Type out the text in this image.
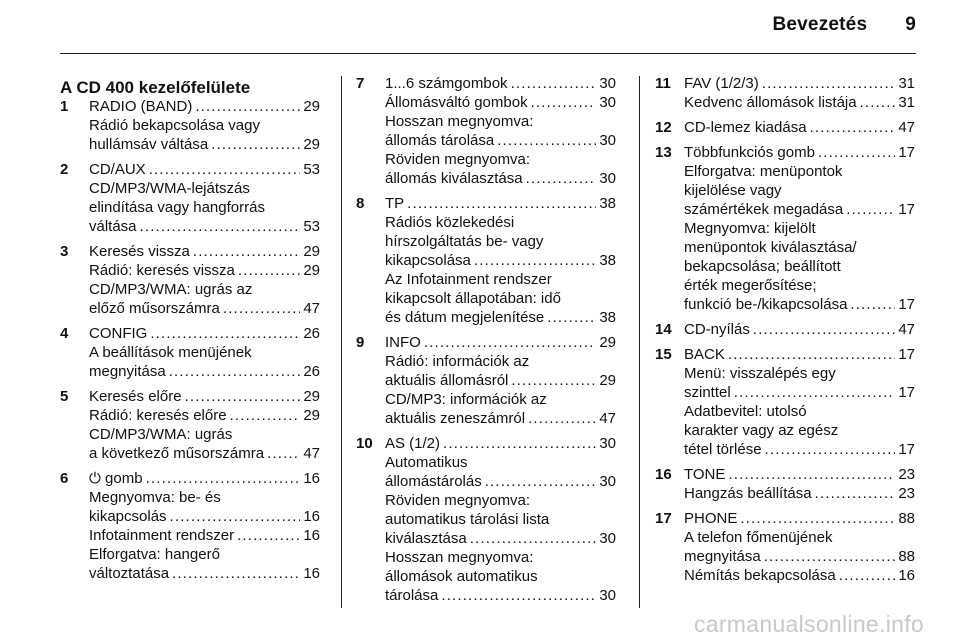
Bevezetés 9
A CD 400 kezelőfelülete
1 RADIO (BAND) . . .	29
Rádió bekapcsolása vagy
hullámsáv váltása . . .	29
2 CD/AUX . . .	53
CD/MP3/WMA-lejátszás
elindítása vagy hangforrás
váltása . . .	53
3 Keresés vissza . . .	29
Rádió: keresés vissza . . .	29
CD/MP3/WMA: ugrás az
előző műsorszámra . . .	47
4 CONFIG . . .	26
A beállítások menüjének
megnyitása . . .	26
5 Keresés előre . . .	29
Rádió: keresés előre . . .	29
CD/MP3/WMA: ugrás
a következő műsorszámra . . .	47
6 ⏻ gomb . . .	16
Megnyomva: be- és
kikapcsolás . . .	16
Infotainment rendszer . . .	16
Elforgatva: hangerő
változtatása . . .	16
7 1...6 számgombok . . .	30
Állomásváltó gombok . . .	30
Hosszan megnyomva:
állomás tárolása . . .	30
Röviden megnyomva:
állomás kiválasztása . . .	30
8 TP . . .	38
Rádiós közlekedési
hírszolgáltatás be- vagy
kikapcsolása . . .	38
Az Infotainment rendszer
kikapcsolt állapotában: idő
és dátum megjelenítése . . .	38
9 INFO . . .	29
Rádió: információk az
aktuális állomásról . . .	29
CD/MP3: információk az
aktuális zeneszámról . . .	47
10 AS (1/2) . . .	30
Automatikus
állomástárolás . . .	30
Röviden megnyomva:
automatikus tárolási lista
kiválasztása . . .	30
Hosszan megnyomva:
állomások automatikus
tárolása . . .	30
11 FAV (1/2/3) . . .	31
Kedvenc állomások listája . . .	31
12 CD-lemez kiadása . . .	47
13 Többfunkciós gomb . . .	17
Elforgatva: menüpontok
kijelölése vagy
számértékek megadása . . .	17
Megnyomva: kijelölt
menüpontok kiválasztása/
bekapcsolása; beállított
érték megerősítése;
funkció be-/kikapcsolása . . .	17
14 CD-nyílás . . .	47
15 BACK . . .	17
Menü: visszalépés egy
szinttel . . .	17
Adatbevitel: utolsó
karakter vagy az egész
tétel törlése . . .	17
16 TONE . . .	23
Hangzás beállítása . . .	23
17 PHONE . . .	88
A telefon főmenüjének
megnyitása . . .	88
Némítás bekapcsolása . . .	16
carmanualsonline.info
